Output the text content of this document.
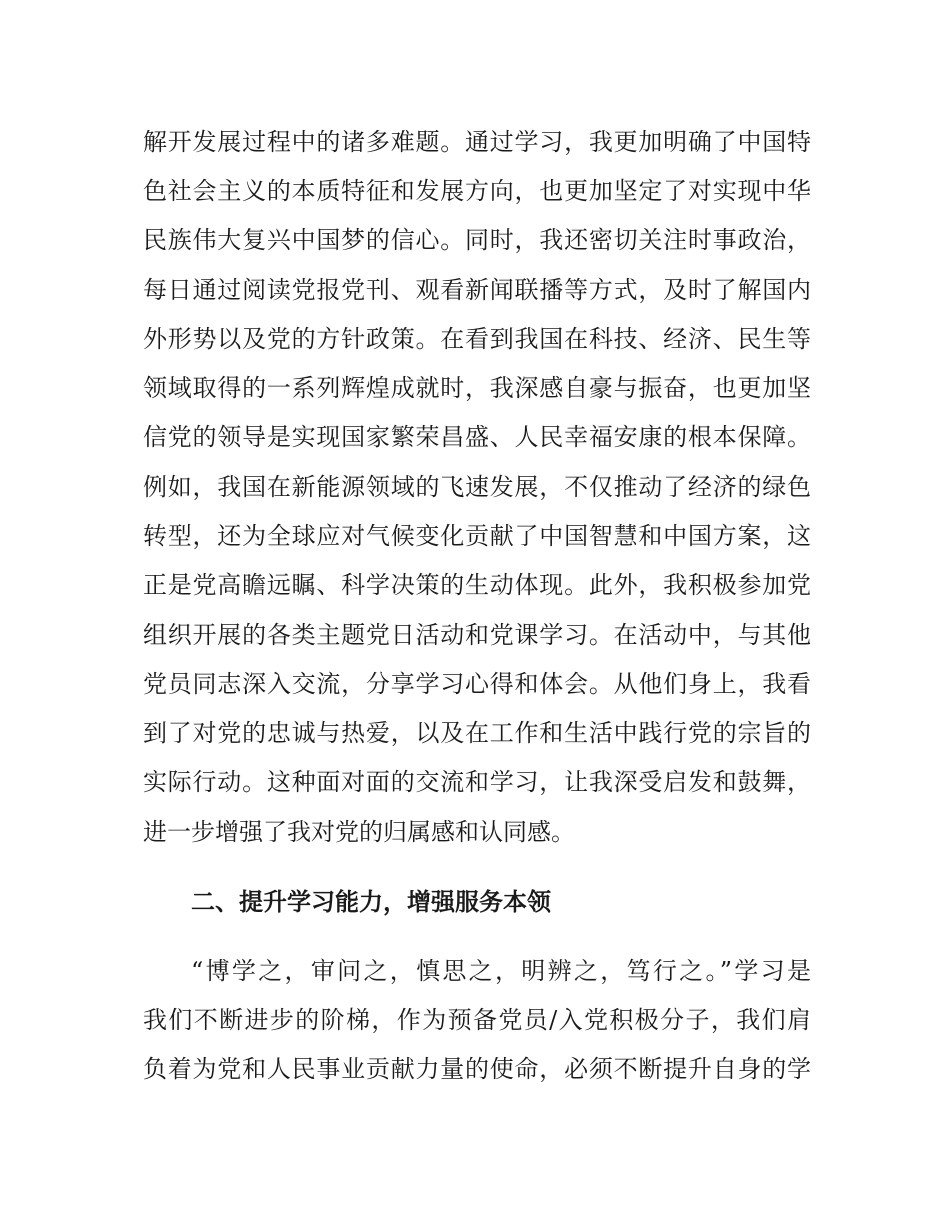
解开发展过程中的诸多难题。通过学习，我更加明确了中国特
色社会主义的本质特征和发展方向，也更加坚定了对实现中华
民族伟大复兴中国梦的信心。同时，我还密切关注时事政治，
每日通过阅读党报党刊、观看新闻联播等方式，及时了解国内
外形势以及党的方针政策。在看到我国在科技、经济、民生等
领域取得的一系列辉煌成就时，我深感自豪与振奋，也更加坚
信党的领导是实现国家繁荣昌盛、人民幸福安康的根本保障。
例如，我国在新能源领域的飞速发展，不仅推动了经济的绿色
转型，还为全球应对气候变化贡献了中国智慧和中国方案，这
正是党高瞻远瞩、科学决策的生动体现。此外，我积极参加党
组织开展的各类主题党日活动和党课学习。在活动中，与其他
党员同志深入交流，分享学习心得和体会。从他们身上，我看
到了对党的忠诚与热爱，以及在工作和生活中践行党的宗旨的
实际行动。这种面对面的交流和学习，让我深受启发和鼓舞，
进一步增强了我对党的归属感和认同感。
二、提升学习能力，增强服务本领
“博学之，审问之，慎思之，明辨之，笃行之。”学习是
我们不断进步的阶梯，作为预备党员/入党积极分子，我们肩
负着为党和人民事业贡献力量的使命，必须不断提升自身的学
